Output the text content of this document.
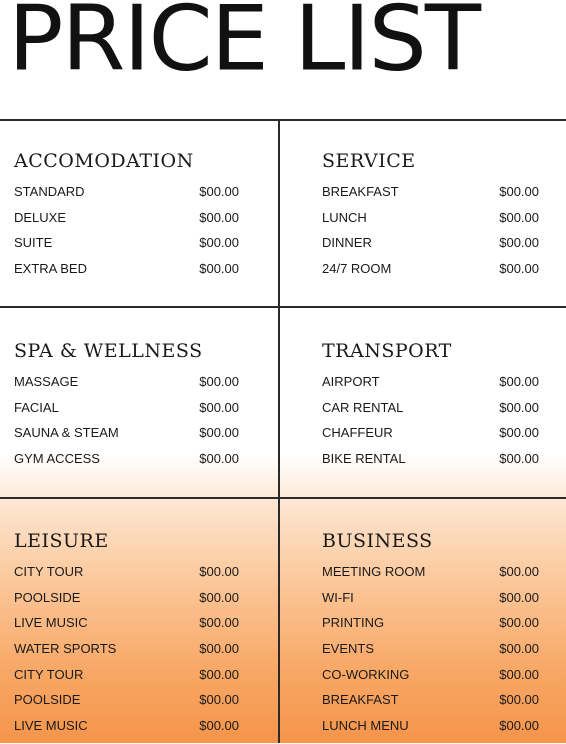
PRICE LIST
ACCOMODATION
STANDARD	$00.00
DELUXE	$00.00
SUITE	$00.00
EXTRA BED	$00.00
SERVICE
BREAKFAST	$00.00
LUNCH	$00.00
DINNER	$00.00
24/7 ROOM	$00.00
SPA & WELLNESS
MASSAGE	$00.00
FACIAL	$00.00
SAUNA & STEAM	$00.00
GYM ACCESS	$00.00
TRANSPORT
AIRPORT	$00.00
CAR RENTAL	$00.00
CHAFFEUR	$00.00
BIKE RENTAL	$00.00
LEISURE
CITY TOUR	$00.00
POOLSIDE	$00.00
LIVE MUSIC	$00.00
WATER SPORTS	$00.00
CITY TOUR	$00.00
POOLSIDE	$00.00
LIVE MUSIC	$00.00
BUSINESS
MEETING ROOM	$00.00
WI-FI	$00.00
PRINTING	$00.00
EVENTS	$00.00
CO-WORKING	$00.00
BREAKFAST	$00.00
LUNCH MENU	$00.00
